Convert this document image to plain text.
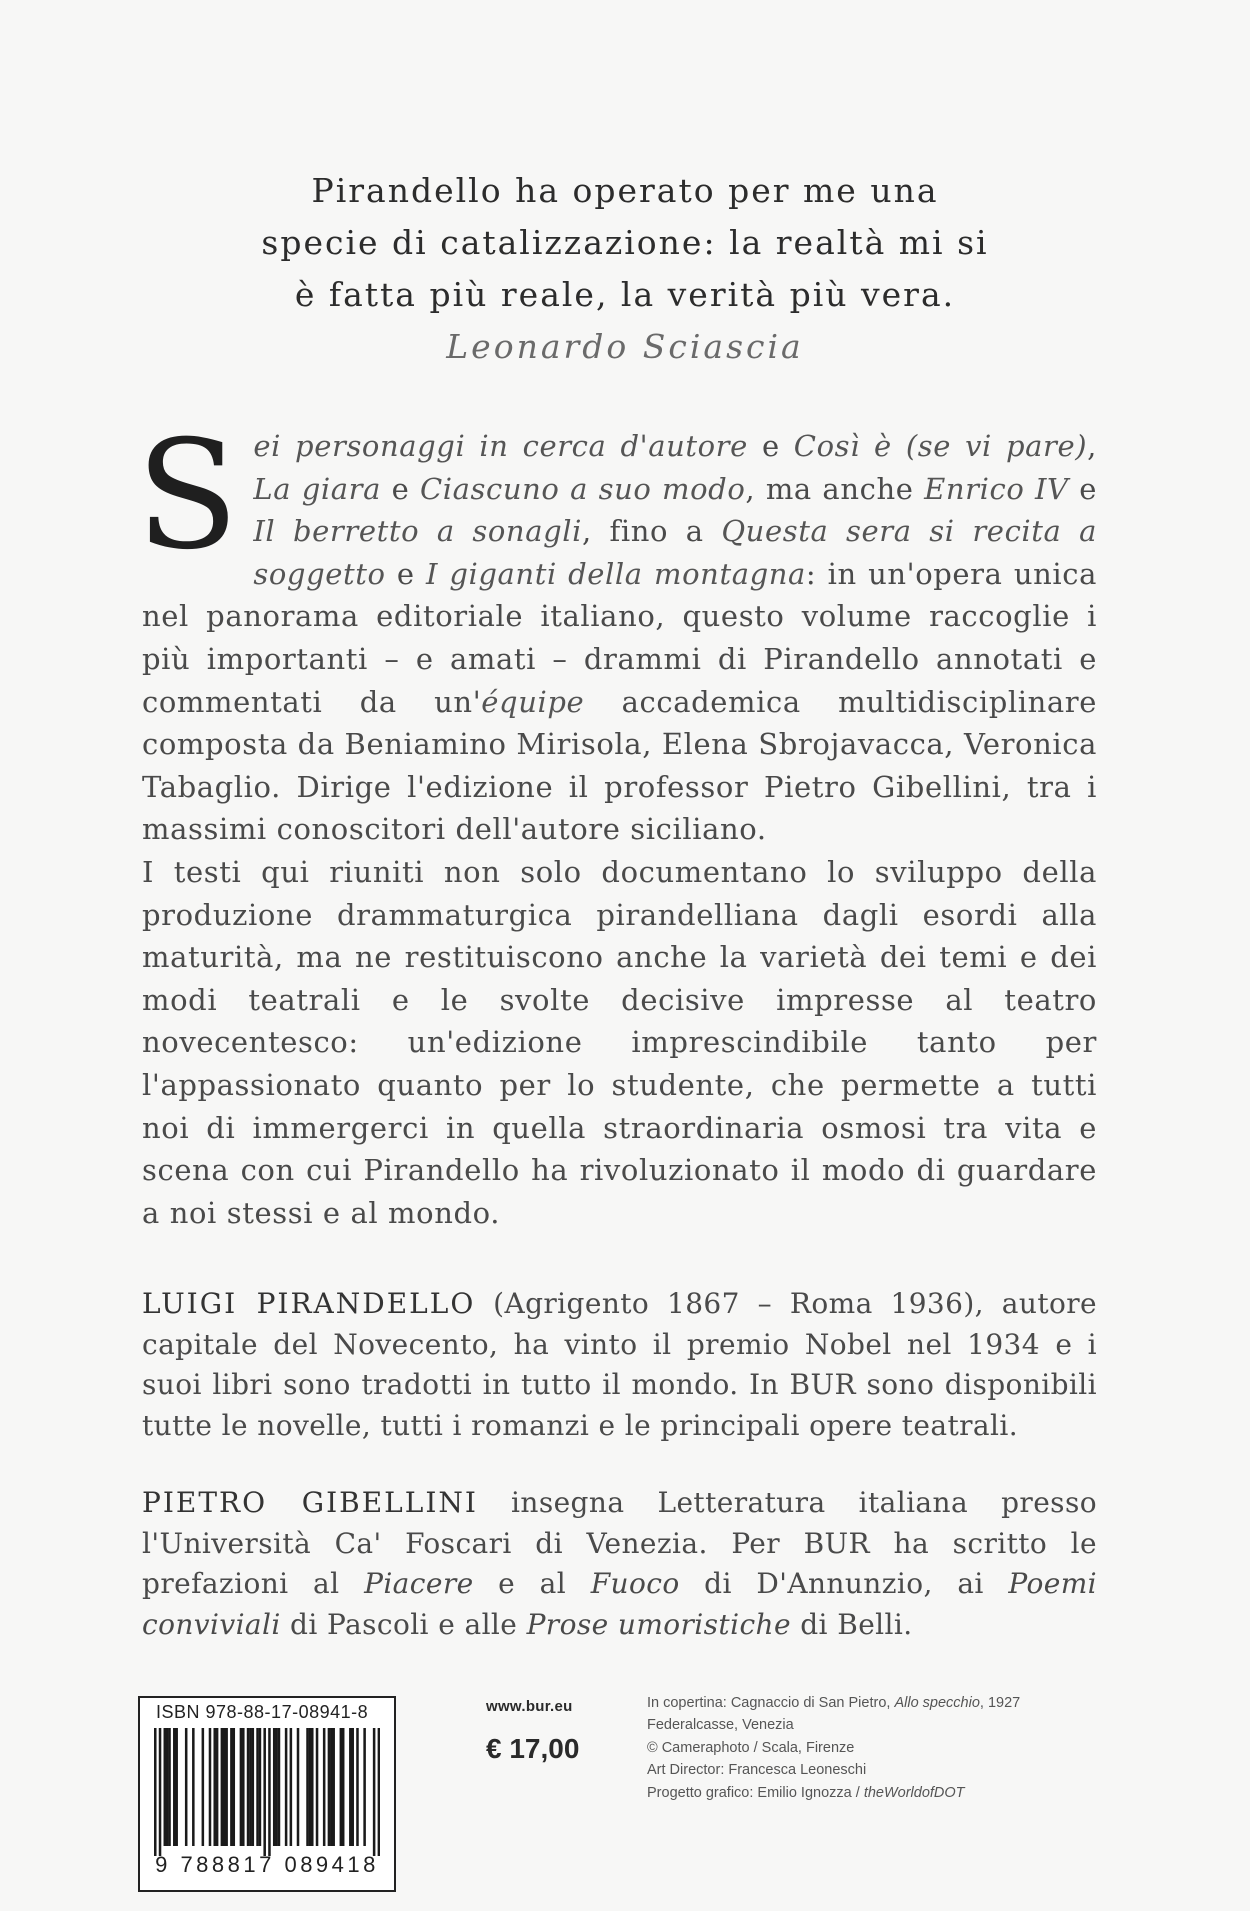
Pirandello ha operato per me una
specie di catalizzazione: la realtà mi si
è fatta più reale, la verità più vera.
Leonardo Sciascia
Sei personaggi in cerca d'autore e Così è (se vi pare), La giara e Ciascuno a suo modo, ma anche Enrico IV e Il berretto a sonagli, fino a Questa sera si recita a soggetto e I giganti della montagna: in un'opera unica nel panorama editoriale italiano, questo volume raccoglie i più importanti – e amati – drammi di Pirandello annotati e commentati da un'équipe accademica multidisciplinare composta da Beniamino Mirisola, Elena Sbrojavacca, Veronica Tabaglio. Dirige l'edizione il professor Pietro Gibellini, tra i massimi conoscitori dell'autore siciliano.
I testi qui riuniti non solo documentano lo sviluppo della produzione drammaturgica pirandelliana dagli esordi alla maturità, ma ne restituiscono anche la varietà dei temi e dei modi teatrali e le svolte decisive impresse al teatro novecentesco: un'edizione imprescindibile tanto per l'appassionato quanto per lo studente, che permette a tutti noi di immergerci in quella straordinaria osmosi tra vita e scena con cui Pirandello ha rivoluzionato il modo di guardare a noi stessi e al mondo.
LUIGI PIRANDELLO (Agrigento 1867 – Roma 1936), autore capitale del Novecento, ha vinto il premio Nobel nel 1934 e i suoi libri sono tradotti in tutto il mondo. In BUR sono disponibili tutte le novelle, tutti i romanzi e le principali opere teatrali.
PIETRO GIBELLINI insegna Letteratura italiana presso l'Università Ca' Foscari di Venezia. Per BUR ha scritto le prefazioni al Piacere e al Fuoco di D'Annunzio, ai Poemi conviviali di Pascoli e alle Prose umoristiche di Belli.
ISBN 978-88-17-08941-8
9 788817 089418
www.bur.eu
€ 17,00
In copertina: Cagnaccio di San Pietro, Allo specchio, 1927
Federalcasse, Venezia
© Cameraphoto / Scala, Firenze
Art Director: Francesca Leoneschi
Progetto grafico: Emilio Ignozza / theWorldofDOT
